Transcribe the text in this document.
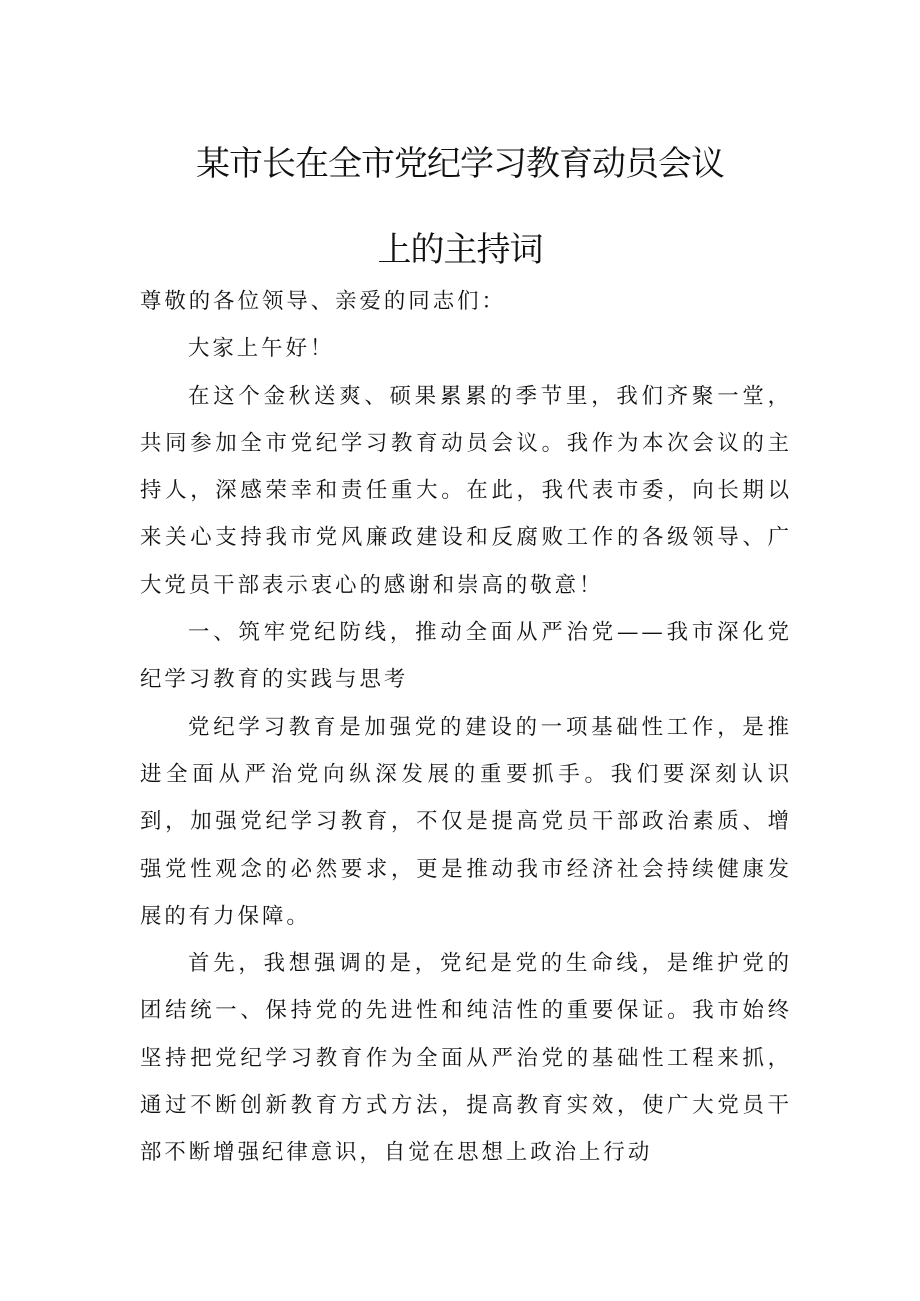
某市长在全市党纪学习教育动员会议
上的主持词

尊敬的各位领导、亲爱的同志们：

大家上午好！

在这个金秋送爽、硕果累累的季节里，我们齐聚一堂，共同参加全市党纪学习教育动员会议。我作为本次会议的主持人，深感荣幸和责任重大。在此，我代表市委，向长期以来关心支持我市党风廉政建设和反腐败工作的各级领导、广大党员干部表示衷心的感谢和崇高的敬意！

一、筑牢党纪防线，推动全面从严治党——我市深化党纪学习教育的实践与思考

党纪学习教育是加强党的建设的一项基础性工作，是推进全面从严治党向纵深发展的重要抓手。我们要深刻认识到，加强党纪学习教育，不仅是提高党员干部政治素质、增强党性观念的必然要求，更是推动我市经济社会持续健康发展的有力保障。

首先，我想强调的是，党纪是党的生命线，是维护党的团结统一、保持党的先进性和纯洁性的重要保证。我市始终坚持把党纪学习教育作为全面从严治党的基础性工程来抓，通过不断创新教育方式方法，提高教育实效，使广大党员干部不断增强纪律意识，自觉在思想上政治上行动
